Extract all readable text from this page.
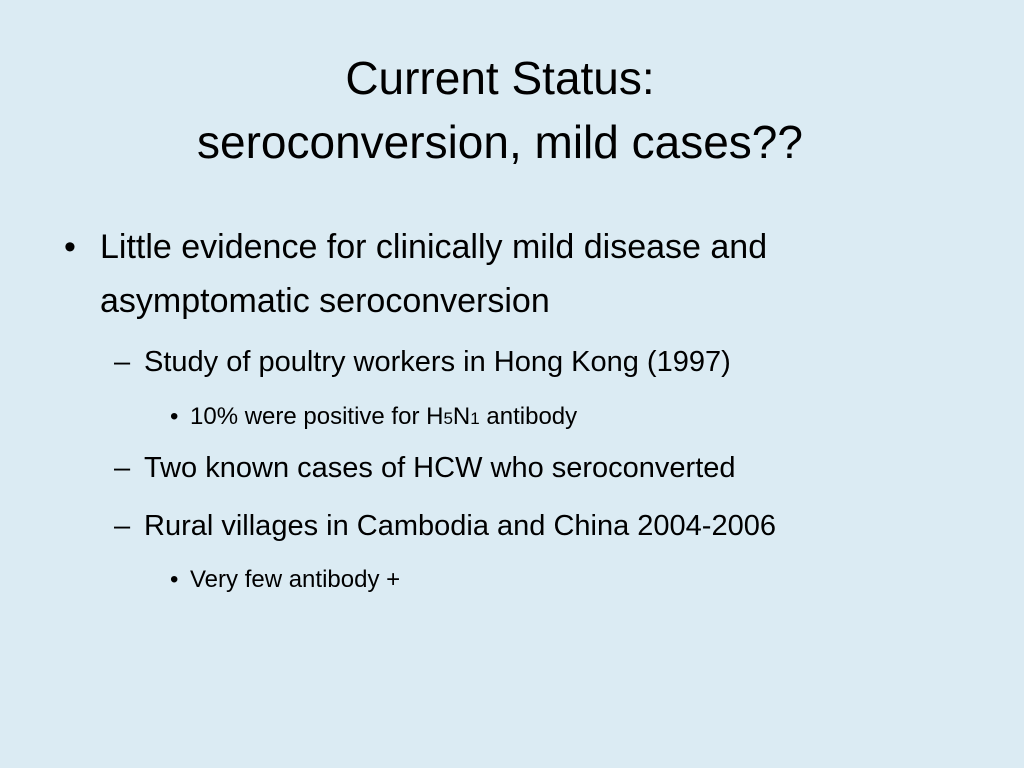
Current Status:
seroconversion, mild cases??
• Little evidence for clinically mild disease and
asymptomatic seroconversion
– Study of poultry workers in Hong Kong (1997)
• 10% were positive for H5N1 antibody
– Two known cases of HCW who seroconverted
– Rural villages in Cambodia and China 2004-2006
• Very few antibody +
